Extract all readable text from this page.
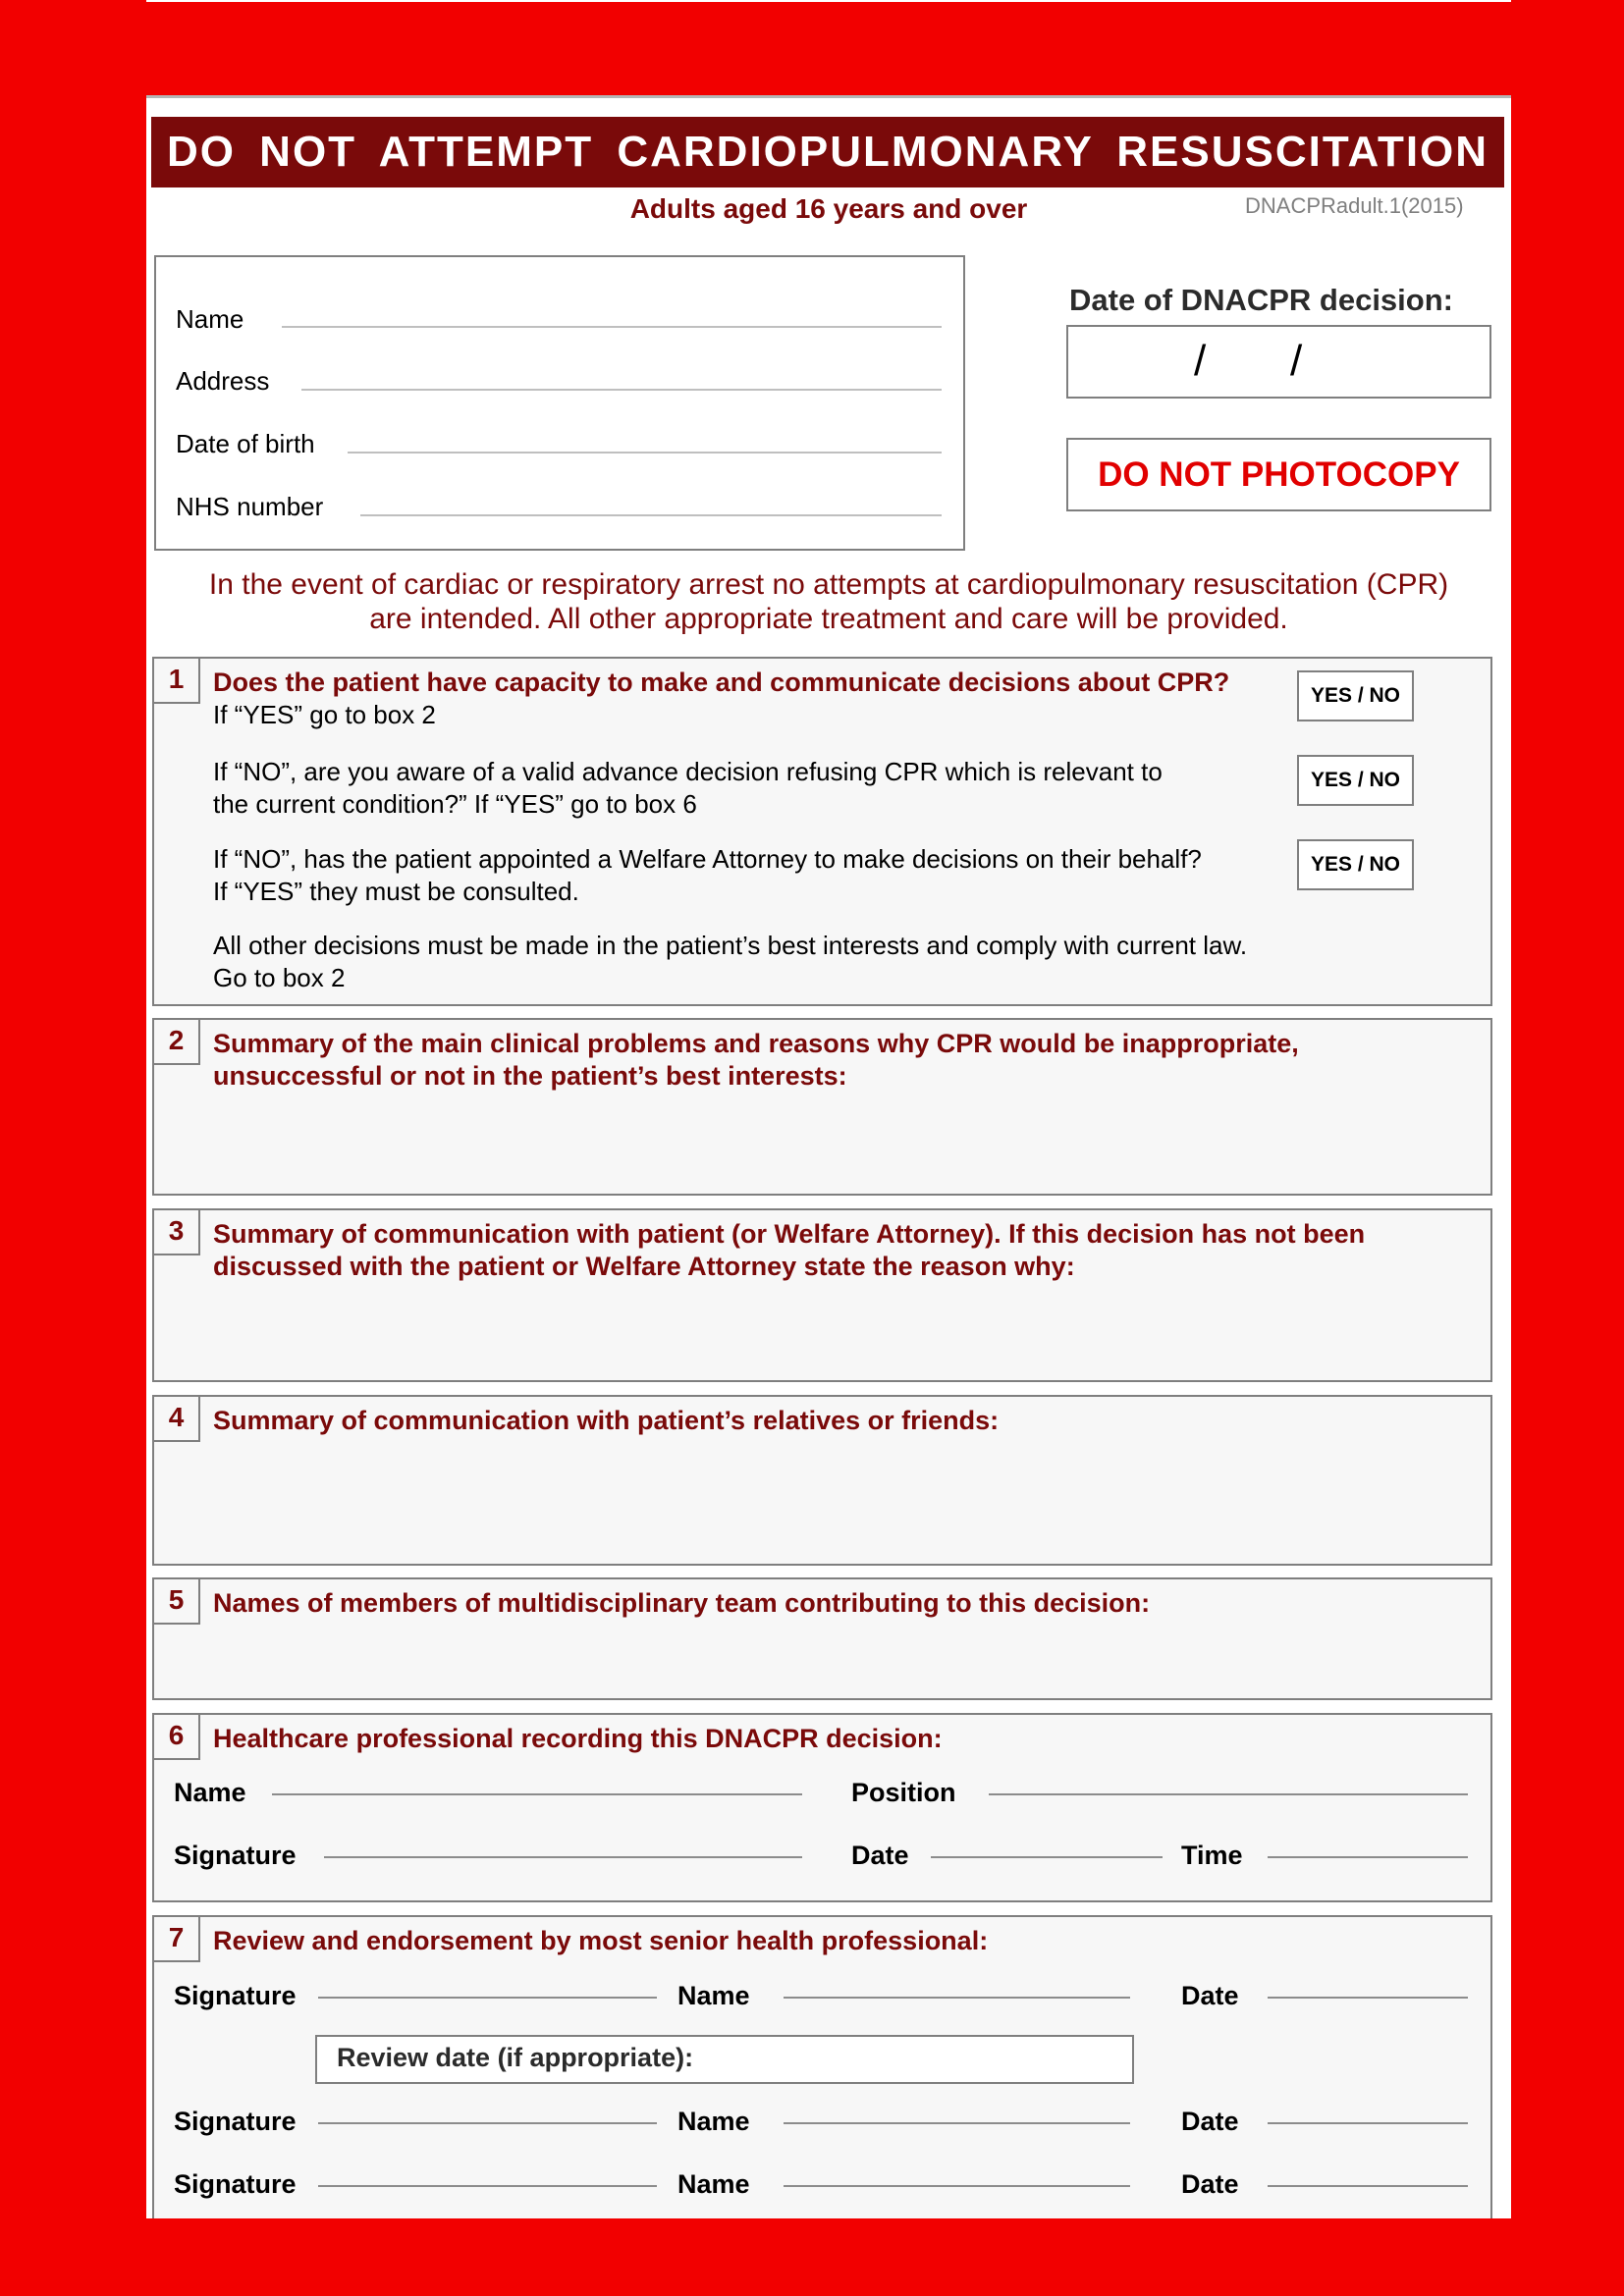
DO NOT ATTEMPT CARDIOPULMONARY RESUSCITATION
Adults aged 16 years and over	DNACPRadult.1(2015)
Name
Address
Date of birth
NHS number
Date of DNACPR decision:
/ /
DO NOT PHOTOCOPY
In the event of cardiac or respiratory arrest no attempts at cardiopulmonary resuscitation (CPR)
are intended. All other appropriate treatment and care will be provided.
1	Does the patient have capacity to make and communicate decisions about CPR?
If “YES” go to box 2
YES / NO
If “NO”, are you aware of a valid advance decision refusing CPR which is relevant to
the current condition?” If “YES” go to box 6
YES / NO
If “NO”, has the patient appointed a Welfare Attorney to make decisions on their behalf?
If “YES” they must be consulted.
YES / NO
All other decisions must be made in the patient’s best interests and comply with current law.
Go to box 2
2	Summary of the main clinical problems and reasons why CPR would be inappropriate,
unsuccessful or not in the patient’s best interests:
3	Summary of communication with patient (or Welfare Attorney). If this decision has not been
discussed with the patient or Welfare Attorney state the reason why:
4	Summary of communication with patient’s relatives or friends:
5	Names of members of multidisciplinary team contributing to this decision:
6	Healthcare professional recording this DNACPR decision:
Name	Position
Signature	Date	Time
7	Review and endorsement by most senior health professional:
Signature	Name	Date
Review date (if appropriate):
Signature	Name	Date
Signature	Name	Date
